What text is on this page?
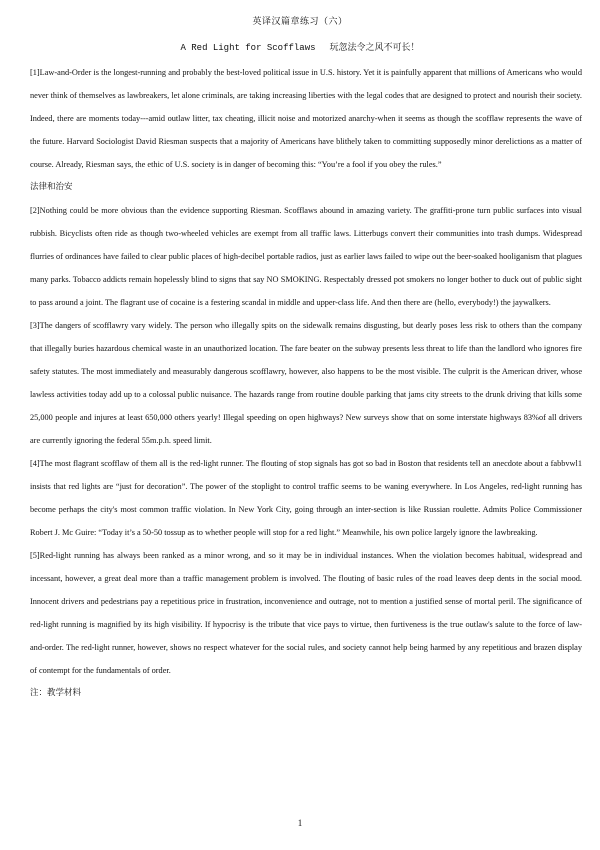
英译汉篇章练习（六）
A Red Light for Scofflaws 玩忽法令之风不可长！

[1]Law-and-Order is the longest-running and probably the best-loved political issue in U.S. history. Yet it is painfully apparent that millions of Americans who would never think of themselves as lawbreakers, let alone criminals, are taking increasing liberties with the legal codes that are designed to protect and nourish their society. Indeed, there are moments today---amid outlaw litter, tax cheating, illicit noise and motorized anarchy-when it seems as though the scofflaw represents the wave of the future. Harvard Sociologist David Riesman suspects that a majority of Americans have blithely taken to committing supposedly minor derelictions as a matter of course. Already, Riesman says, the ethic of U.S. society is in danger of becoming this: “You’re a fool if you obey the rules.”

法律和治安

[2]Nothing could be more obvious than the evidence supporting Riesman. Scofflaws abound in amazing variety. The graffiti-prone turn public surfaces into visual rubbish. Bicyclists often ride as though two-wheeled vehicles are exempt from all traffic laws. Litterbugs convert their communities into trash dumps. Widespread flurries of ordinances have failed to clear public places of high-decibel portable radios, just as earlier laws failed to wipe out the beer-soaked hooliganism that plagues many parks. Tobacco addicts remain hopelessly blind to signs that say NO SMOKING. Respectably dressed pot smokers no longer bother to duck out of public sight to pass around a joint. The flagrant use of cocaine is a festering scandal in middle and upper-class life. And then there are (hello, everybody!) the jaywalkers.

[3]The dangers of scofflawry vary widely. The person who illegally spits on the sidewalk remains disgusting, but dearly poses less risk to others than the company that illegally buries hazardous chemical waste in an unauthorized location. The fare beater on the subway presents less threat to life than the landlord who ignores fire safety statutes. The most immediately and measurably dangerous scofflawry, however, also happens to be the most visible. The culprit is the American driver, whose lawless activities today add up to a colossal public nuisance. The hazards range from routine double parking that jams city streets to the drunk driving that kills some 25,000 people and injures at least 650,000 others yearly! Illegal speeding on open highways? New surveys show that on some interstate highways 83%of all drivers are currently ignoring the federal 55m.p.h. speed limit.

[4]The most flagrant scofflaw of them all is the red-light runner. The flouting of stop signals has got so bad in Boston that residents tell an anecdote about a fabbvwl1 insists that red lights are “just for decoration”. The power of the stoplight to control traffic seems to be waning everywhere. In Los Angeles, red-light running has become perhaps the city's most common traffic violation. In New York City, going through an inter-section is like Russian roulette. Admits Police Commissioner Robert J. Mc Guire: “Today it’s a 50-50 tossup as to whether people will stop for a red light.” Meanwhile, his own police largely ignore the lawbreaking.

[5]Red-light running has always been ranked as a minor wrong, and so it may be in individual instances. When the violation becomes habitual, widespread and incessant, however, a great deal more than a traffic management problem is involved. The flouting of basic rules of the road leaves deep dents in the social mood. Innocent drivers and pedestrians pay a repetitious price in frustration, inconvenience and outrage, not to mention a justified sense of mortal peril. The significance of red-light running is magnified by its high visibility. If hypocrisy is the tribute that vice pays to virtue, then furtiveness is the true outlaw's salute to the force of law-and-order. The red-light runner, however, shows no respect whatever for the social rules, and society cannot help being harmed by any repetitious and brazen display of contempt for the fundamentals of order.

注：教学材料

1
